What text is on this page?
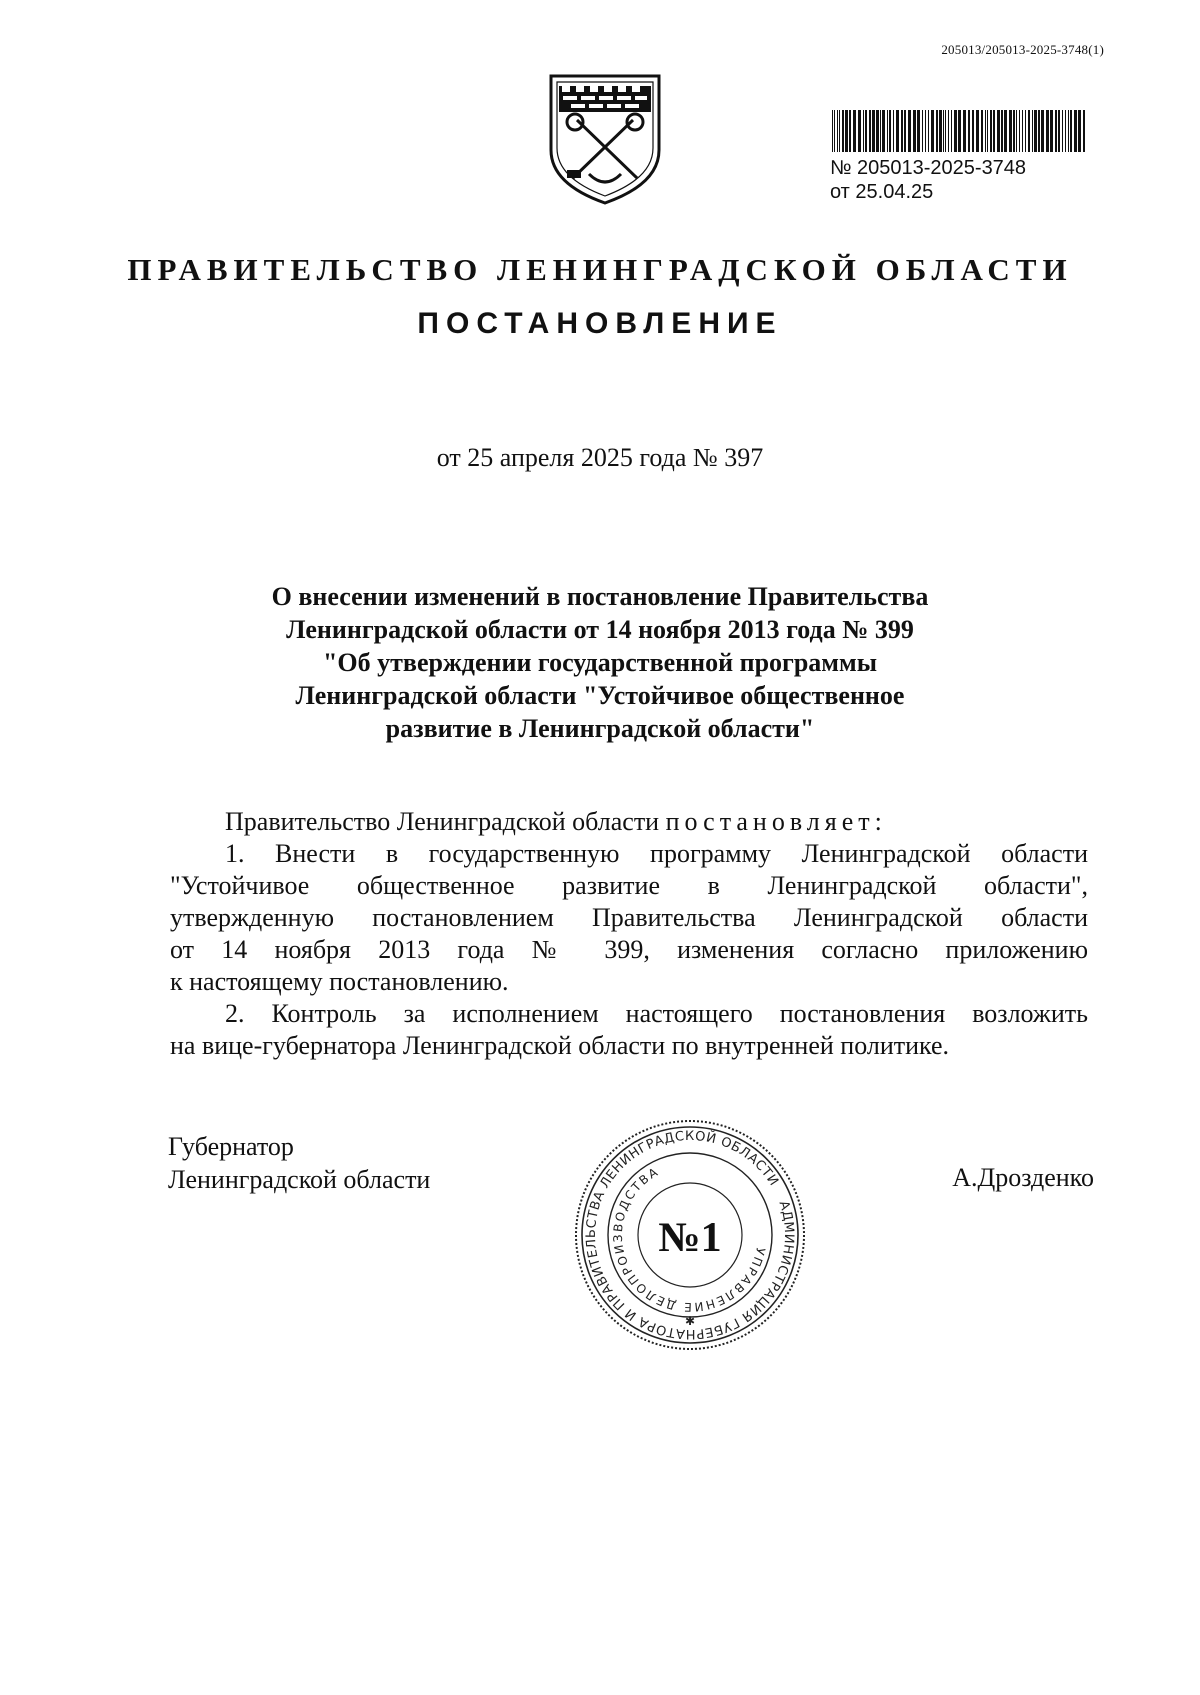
205013/205013-2025-3748(1)
№ 205013-2025-3748
от 25.04.25
ПРАВИТЕЛЬСТВО ЛЕНИНГРАДСКОЙ ОБЛАСТИ
ПОСТАНОВЛЕНИЕ
от 25 апреля 2025 года № 397
О внесении изменений в постановление Правительства
Ленинградской области от 14 ноября 2013 года № 399
"Об утверждении государственной программы
Ленинградской области "Устойчивое общественное
развитие в Ленинградской области"
Правительство Ленинградской области постановляет:
1. Внести в государственную программу Ленинградской области
"Устойчивое общественное развитие в Ленинградской области",
утвержденную постановлением Правительства Ленинградской области
от 14 ноября 2013 года № 399, изменения согласно приложению
к настоящему постановлению.
2. Контроль за исполнением настоящего постановления возложить
на вице-губернатора Ленинградской области по внутренней политике.
Губернатор
Ленинградской области	А.Дрозденко
АДМИНИСТРАЦИЯ ГУБЕРНАТОРА И ПРАВИТЕЛЬСТВА ЛЕНИНГРАДСКОЙ ОБЛАСТИ
УПРАВЛЕНИЕ ДЕЛОПРОИЗВОДСТВА
№1
✱
